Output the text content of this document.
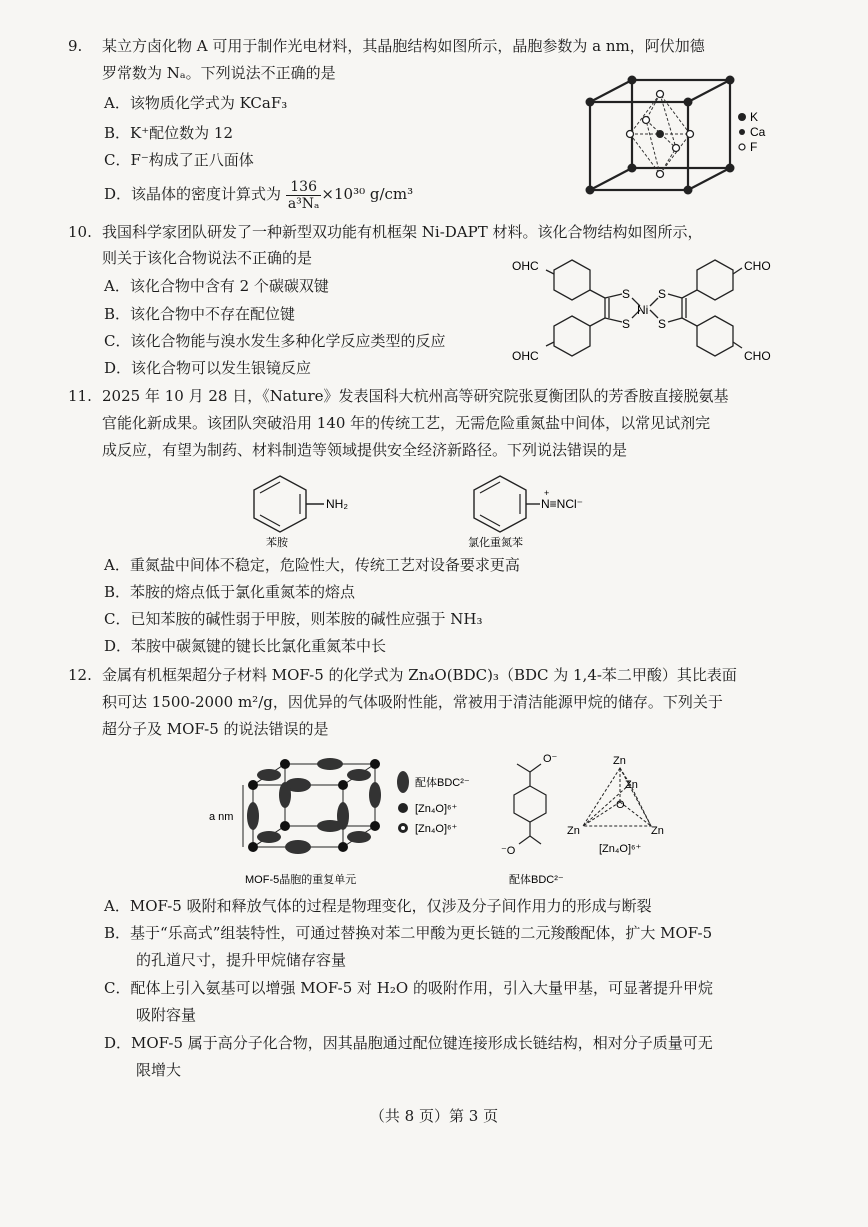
9. 某立方卤化物 A 可用于制作光电材料，其晶胞结构如图所示，晶胞参数为 a nm，阿伏加德
罗常数为 Nₐ。下列说法不正确的是
A．该物质化学式为 KCaF₃
B．K⁺配位数为 12
C．F⁻构成了正八面体
D．该晶体的密度计算式为 $\frac{136}{\text{a³Nₐ}} \times 10^{30}$ g/cm³
K
Ca
F
10. 我国科学家团队研发了一种新型双功能有机框架 Ni-DAPT 材料。该化合物结构如图所示，
则关于该化合物说法不正确的是
A．该化合物中含有 2 个碳碳双键
B．该化合物中不存在配位键
C．该化合物能与溴水发生多种化学反应类型的反应
D．该化合物可以发生银镜反应
OHC
OHC
CHO
CHO
S
S
S
S
Ni
11. 2025 年 10 月 28 日，《Nature》发表国科大杭州高等研究院张夏衡团队的芳香胺直接脱氨基
官能化新成果。该团队突破沿用 140 年的传统工艺，无需危险重氮盐中间体，以常见试剂完
成反应，有望为制药、材料制造等领域提供安全经济新路径。下列说法错误的是
NH₂
苯胺
+
N≡NCl⁻
氯化重氮苯
A．重氮盐中间体不稳定，危险性大，传统工艺对设备要求更高
B．苯胺的熔点低于氯化重氮苯的熔点
C．已知苯胺的碱性弱于甲胺，则苯胺的碱性应强于 NH₃
D．苯胺中碳氮键的键长比氯化重氮苯中长
12. 金属有机框架超分子材料 MOF-5 的化学式为 Zn₄O(BDC)₃（BDC 为 1,4-苯二甲酸）其比表面
积可达 1500-2000 m²/g，因优异的气体吸附性能，常被用于清洁能源甲烷的储存。下列关于
超分子及 MOF-5 的说法错误的是
a nm
配体BDC²⁻
[Zn₄O]⁶⁺
[Zn₄O]⁶⁺
MOF-5晶胞的重复单元
O⁻
⁻O
配体BDC²⁻
Zn
Zn
O
Zn	Zn
[Zn₄O]⁶⁺
A．MOF-5 吸附和释放气体的过程是物理变化，仅涉及分子间作用力的形成与断裂
B．基于“乐高式”组装特性，可通过替换对苯二甲酸为更长链的二元羧酸配体，扩大 MOF-5
的孔道尺寸，提升甲烷储存容量
C．配体上引入氨基可以增强 MOF-5 对 H₂O 的吸附作用，引入大量甲基，可显著提升甲烷
吸附容量
D．MOF-5 属于高分子化合物，因其晶胞通过配位键连接形成长链结构，相对分子质量可无
限增大
（共 8 页）第 3 页
